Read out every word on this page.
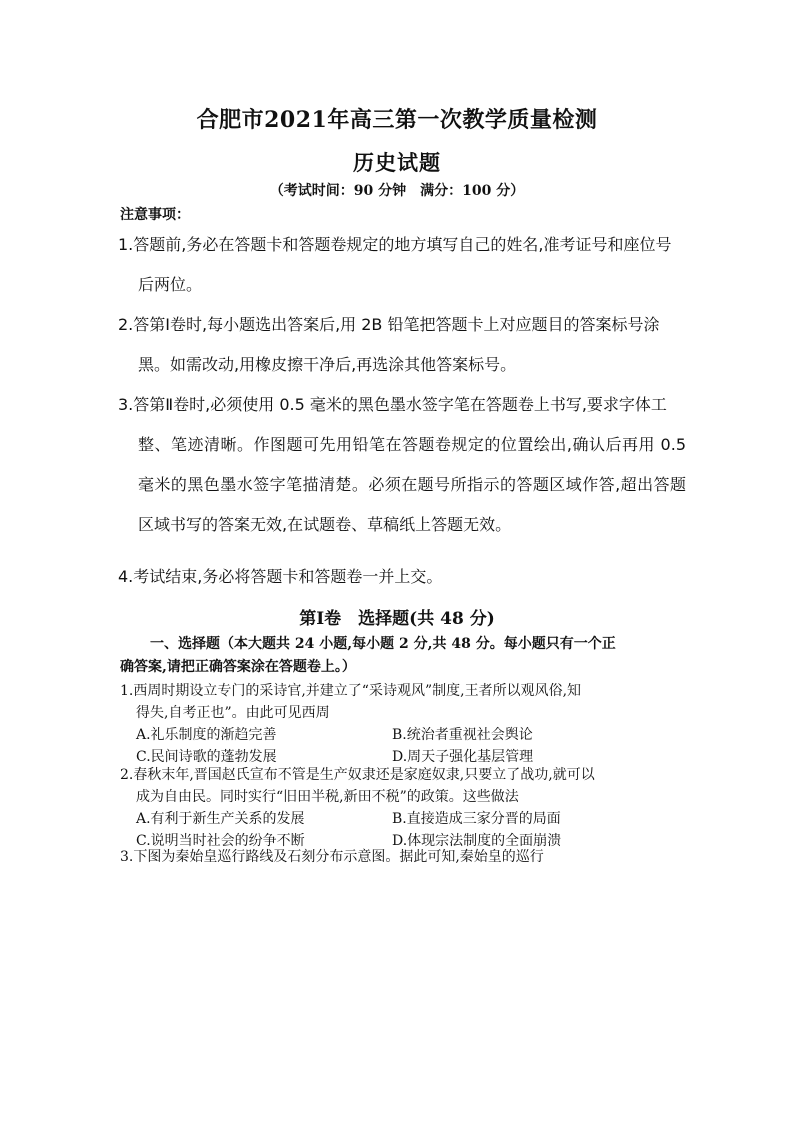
合肥市2021年高三第一次教学质量检测
历史试题
（考试时间：90 分钟　满分：100 分）
注意事项：
1.答题前,务必在答题卡和答题卷规定的地方填写自己的姓名,准考证号和座位号
后两位。
2.答第Ⅰ卷时,每小题选出答案后,用 2B 铅笔把答题卡上对应题目的答案标号涂
黑。如需改动,用橡皮擦干净后,再选涂其他答案标号。
3.答第Ⅱ卷时,必须使用 0.5 毫米的黑色墨水签字笔在答题卷上书写,要求字体工
整、笔迹清晰。作图题可先用铅笔在答题卷规定的位置绘出,确认后再用 0.5 毫米的黑色墨水签字笔描清楚。必须在题号所指示的答题区域作答,超出答题区域书写的答案无效,在试题卷、草稿纸上答题无效。
4.考试结束,务必将答题卡和答题卷一并上交。
第Ⅰ卷　选择题(共 48 分)
一、选择题（本大题共 24 小题,每小题 2 分,共 48 分。每小题只有一个正
确答案,请把正确答案涂在答题卷上。）
1.西周时期设立专门的采诗官,并建立了“采诗观风”制度,王者所以观风俗,知
得失,自考正也”。由此可见西周
A.礼乐制度的渐趋完善	B.统治者重视社会舆论
C.民间诗歌的蓬勃发展	D.周天子强化基层管理
2.春秋末年,晋国赵氏宣布不管是生产奴隶还是家庭奴隶,只要立了战功,就可以
成为自由民。同时实行“旧田半税,新田不税”的政策。这些做法
A.有利于新生产关系的发展	B.直接造成三家分晋的局面
C.说明当时社会的纷争不断	D.体现宗法制度的全面崩溃
3.下图为秦始皇巡行路线及石刻分布示意图。据此可知,秦始皇的巡行
